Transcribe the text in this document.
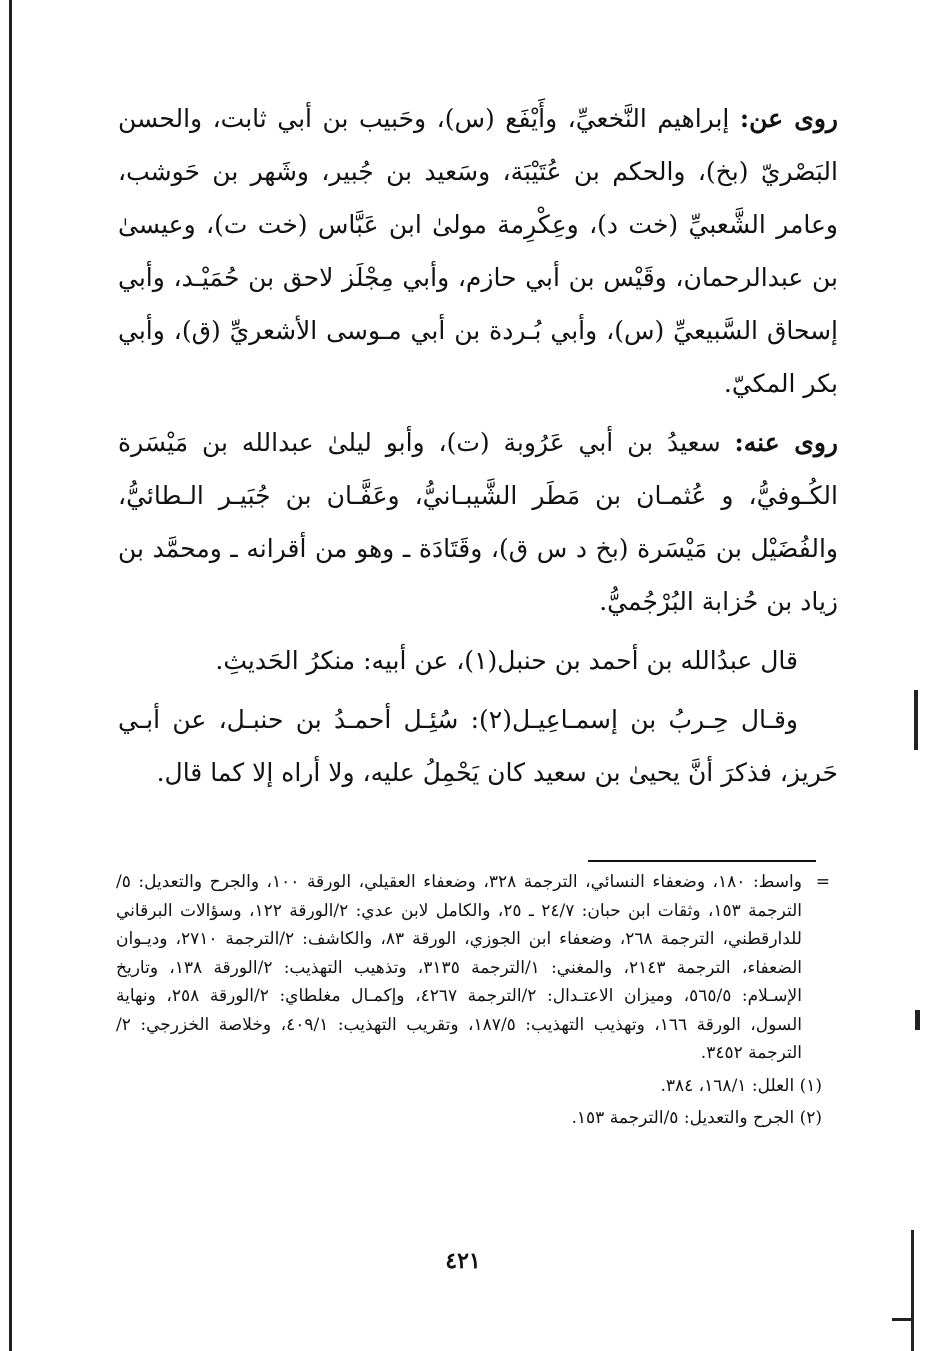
روى عن: إبراهيم النَّخعيِّ، وأَيْفَع (س)، وحَبيب بن أبي ثابت، والحسن البَصْريّ (بخ)، والحكم بن عُتَيْبَة، وسَعيد بن جُبير، وشَهر بن حَوشب، وعامر الشَّعبيِّ (خت د)، وعِكْرِمة مولىٰ ابن عَبَّاس (خت ت)، وعيسىٰ بن عبدالرحمان، وقَيْس بن أبي حازم، وأبي مِجْلَز لاحق بن حُمَيْـد، وأبي إسحاق السَّبيعيِّ (س)، وأبي بُـردة بن أبي مـوسى الأشعريِّ (ق)، وأبي بكر المكيّ.

روى عنه: سعيدُ بن أبي عَرُوبة (ت)، وأبو ليلىٰ عبدالله بن مَيْسَرة الكُـوفيُّ، و عُثمـان بن مَطَر الشَّيبـانيُّ، وعَفَّـان بن جُبَيـر الـطائيُّ، والفُضَيْل بن مَيْسَرة (بخ د س ق)، وقَتَادَة ـ وهو من أقرانه ـ ومحمَّد بن زياد بن حُزابة البُرْجُميُّ.

قال عبدُالله بن أحمد بن حنبل(١)، عن أبيه: منكرُ الحَديثِ.

وقـال حِـربُ بن إسمـاعِيـل(٢): سُئِـل أحمـدُ بن حنبـل، عن أبـي حَريز، فذكرَ أنَّ يحيىٰ بن سعيد كان يَحْمِلُ عليه، ولا أراه إلا كما قال.

=
واسط: ١٨٠، وضعفاء النسائي، الترجمة ٣٢٨، وضعفاء العقيلي، الورقة ١٠٠، والجرح والتعديل: ٥/الترجمة ١٥٣، وثقات ابن حبان: ٢٤/٧ ـ ٢٥، والكامل لابن عدي: ٢/الورقة ١٢٢، وسؤالات البرقاني للدارقطني، الترجمة ٢٦٨، وضعفاء ابن الجوزي، الورقة ٨٣، والكاشف: ٢/الترجمة ٢٧١٠، وديـوان الضعفاء، الترجمة ٢١٤٣، والمغني: ١/الترجمة ٣١٣٥، وتذهيب التهذيب: ٢/الورقة ١٣٨، وتاريخ الإسـلام: ٥٦٥/٥، وميزان الاعتـدال: ٢/الترجمة ٤٢٦٧، وإكمـال مغلطاي: ٢/الورقة ٢٥٨، ونهاية السول، الورقة ١٦٦، وتهذيب التهذيب: ١٨٧/٥، وتقريب التهذيب: ٤٠٩/١، وخلاصة الخزرجي: ٢/الترجمة ٣٤٥٢.

(١) العلل: ١٦٨/١، ٣٨٤.

(٢) الجرح والتعديل: ٥/الترجمة ١٥٣.

٤٢١
